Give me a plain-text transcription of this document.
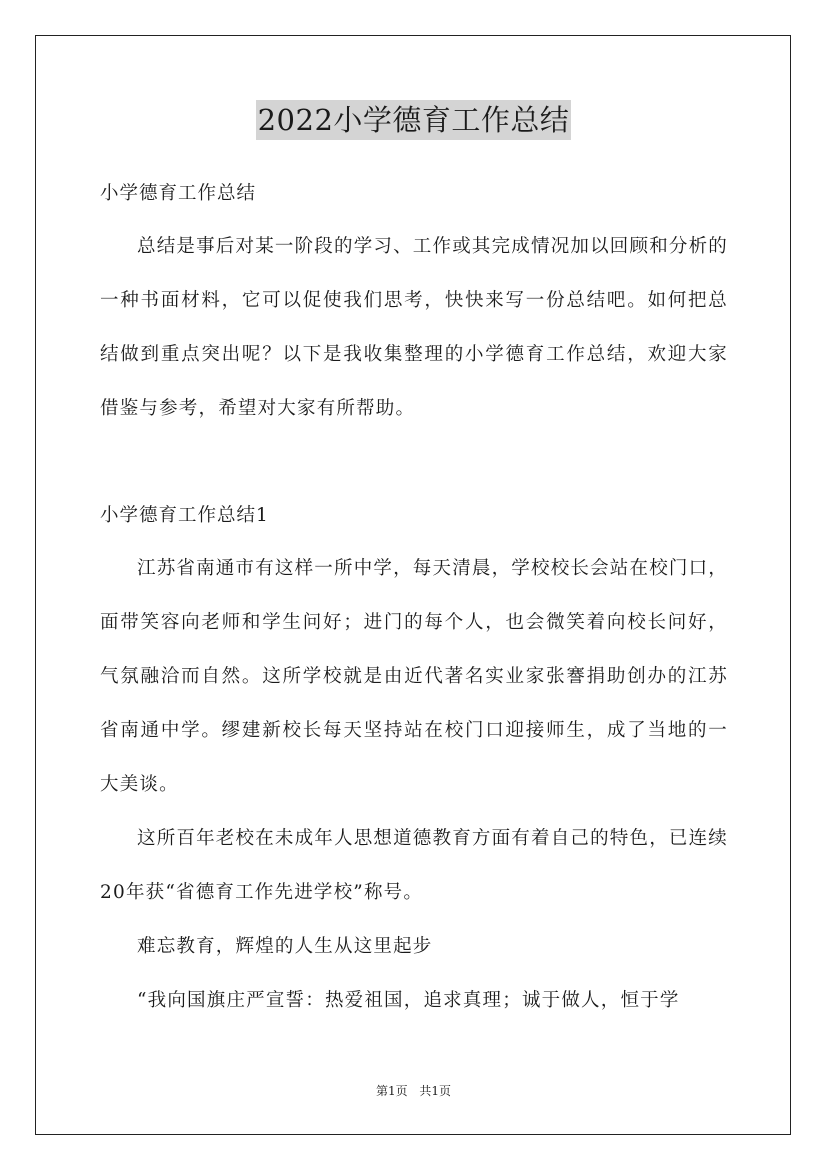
2022小学德育工作总结

小学德育工作总结

总结是事后对某一阶段的学习、工作或其完成情况加以回顾和分析的一种书面材料，它可以促使我们思考，快快来写一份总结吧。如何把总结做到重点突出呢？以下是我收集整理的小学德育工作总结，欢迎大家借鉴与参考，希望对大家有所帮助。

小学德育工作总结1

江苏省南通市有这样一所中学，每天清晨，学校校长会站在校门口，面带笑容向老师和学生问好；进门的每个人，也会微笑着向校长问好，气氛融洽而自然。这所学校就是由近代著名实业家张謇捐助创办的江苏省南通中学。缪建新校长每天坚持站在校门口迎接师生，成了当地的一大美谈。

这所百年老校在未成年人思想道德教育方面有着自己的特色，已连续20年获“省德育工作先进学校”称号。

难忘教育，辉煌的人生从这里起步

“我向国旗庄严宣誓：热爱祖国，追求真理；诚于做人，恒于学

第1页 共1页
